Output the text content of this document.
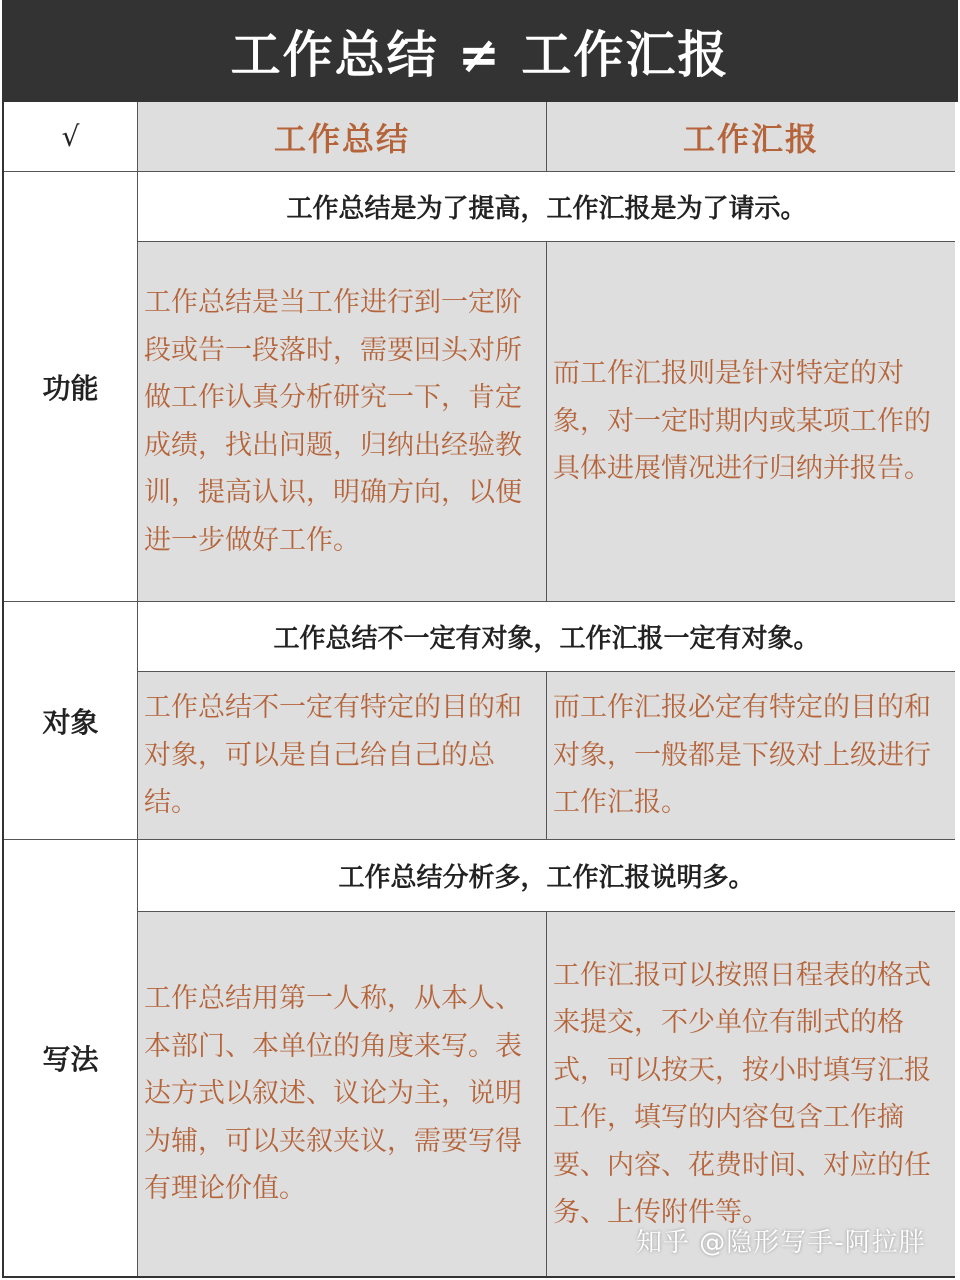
工作总结 ≠ 工作汇报
√	工作总结	工作汇报
功能
工作总结是为了提高，工作汇报是为了请示。
工作总结是当工作进行到一定阶段或告一段落时，需要回头对所做工作认真分析研究一下，肯定成绩，找出问题，归纳出经验教训，提高认识，明确方向，以便进一步做好工作。
而工作汇报则是针对特定的对象，对一定时期内或某项工作的具体进展情况进行归纳并报告。
对象
工作总结不一定有对象，工作汇报一定有对象。
工作总结不一定有特定的目的和对象，可以是自己给自己的总结。
而工作汇报必定有特定的目的和对象，一般都是下级对上级进行工作汇报。
写法
工作总结分析多，工作汇报说明多。
工作总结用第一人称，从本人、本部门、本单位的角度来写。表达方式以叙述、议论为主，说明为辅，可以夹叙夹议，需要写得有理论价值。
工作汇报可以按照日程表的格式来提交，不少单位有制式的格式，可以按天，按小时填写汇报工作，填写的内容包含工作摘要、内容、花费时间、对应的任务、上传附件等。
知乎 @隐形写手-阿拉胖
